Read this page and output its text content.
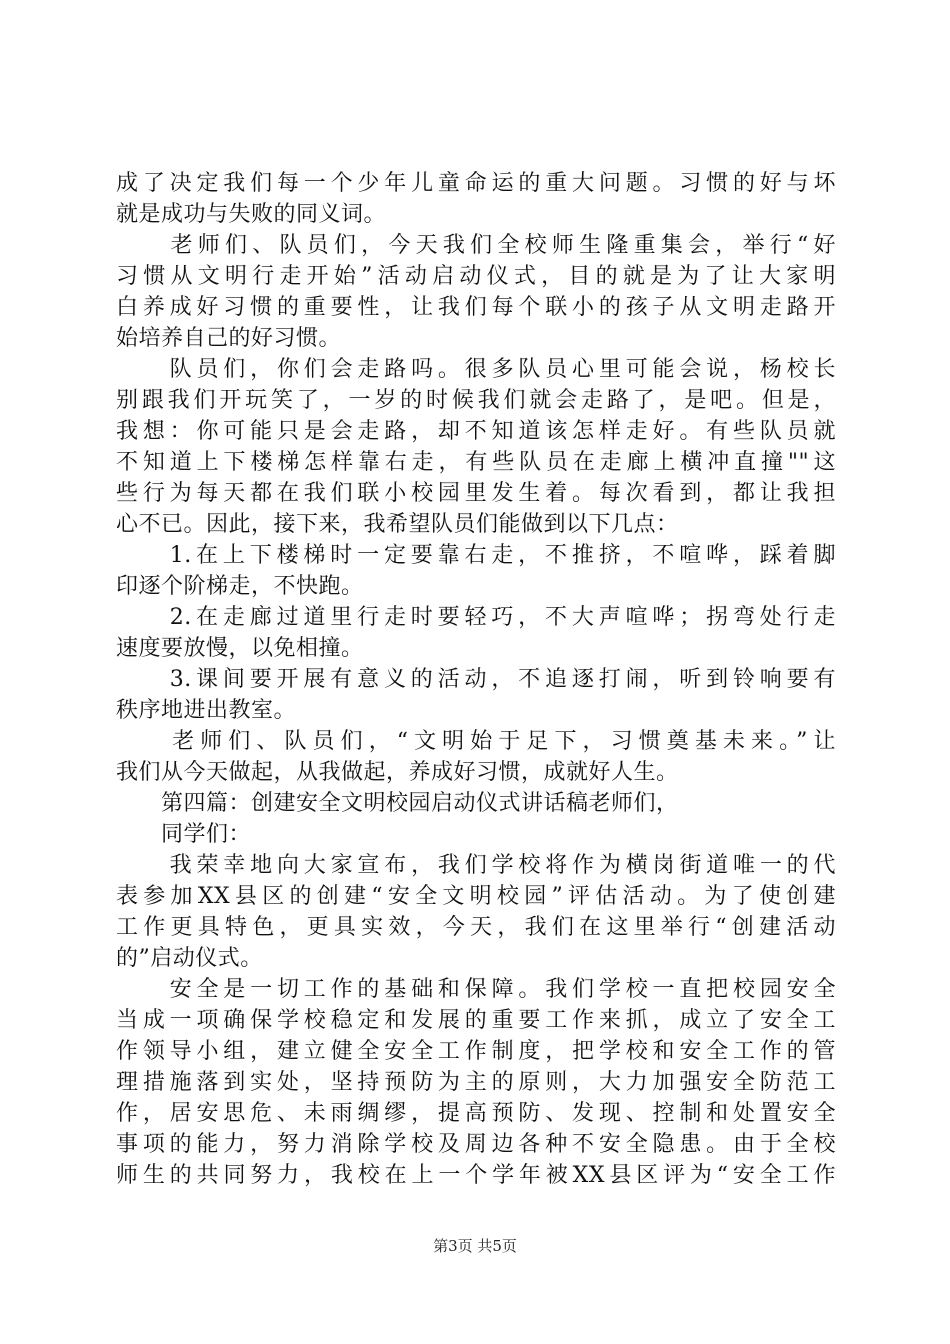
成了决定我们每一个少年儿童命运的重大问题。习惯的好与坏
就是成功与失败的同义词。
　　老师们、队员们，今天我们全校师生隆重集会，举行“好
习惯从文明行走开始”活动启动仪式，目的就是为了让大家明
白养成好习惯的重要性，让我们每个联小的孩子从文明走路开
始培养自己的好习惯。
　　队员们，你们会走路吗。很多队员心里可能会说，杨校长
别跟我们开玩笑了，一岁的时候我们就会走路了，是吧。但是，
我想：你可能只是会走路，却不知道该怎样走好。有些队员就
不知道上下楼梯怎样靠右走，有些队员在走廊上横冲直撞""这
些行为每天都在我们联小校园里发生着。每次看到，都让我担
心不已。因此，接下来，我希望队员们能做到以下几点：
　　1.在上下楼梯时一定要靠右走，不推挤，不喧哗，踩着脚
印逐个阶梯走，不快跑。
　　2.在走廊过道里行走时要轻巧，不大声喧哗；拐弯处行走
速度要放慢，以免相撞。
　　3.课间要开展有意义的活动，不追逐打闹，听到铃响要有
秩序地进出教室。
　　老师们、队员们，“文明始于足下，习惯奠基未来。”让
我们从今天做起，从我做起，养成好习惯，成就好人生。
　　第四篇：创建安全文明校园启动仪式讲话稿老师们，
　　同学们：
　　我荣幸地向大家宣布，我们学校将作为横岗街道唯一的代
表参加XX县区的创建“安全文明校园”评估活动。为了使创建
工作更具特色，更具实效，今天，我们在这里举行“创建活动
的”启动仪式。
　　安全是一切工作的基础和保障。我们学校一直把校园安全
当成一项确保学校稳定和发展的重要工作来抓，成立了安全工
作领导小组，建立健全安全工作制度，把学校和安全工作的管
理措施落到实处，坚持预防为主的原则，大力加强安全防范工
作，居安思危、未雨绸缪，提高预防、发现、控制和处置安全
事项的能力，努力消除学校及周边各种不安全隐患。由于全校
师生的共同努力，我校在上一个学年被XX县区评为“安全工作
第3页 共5页
